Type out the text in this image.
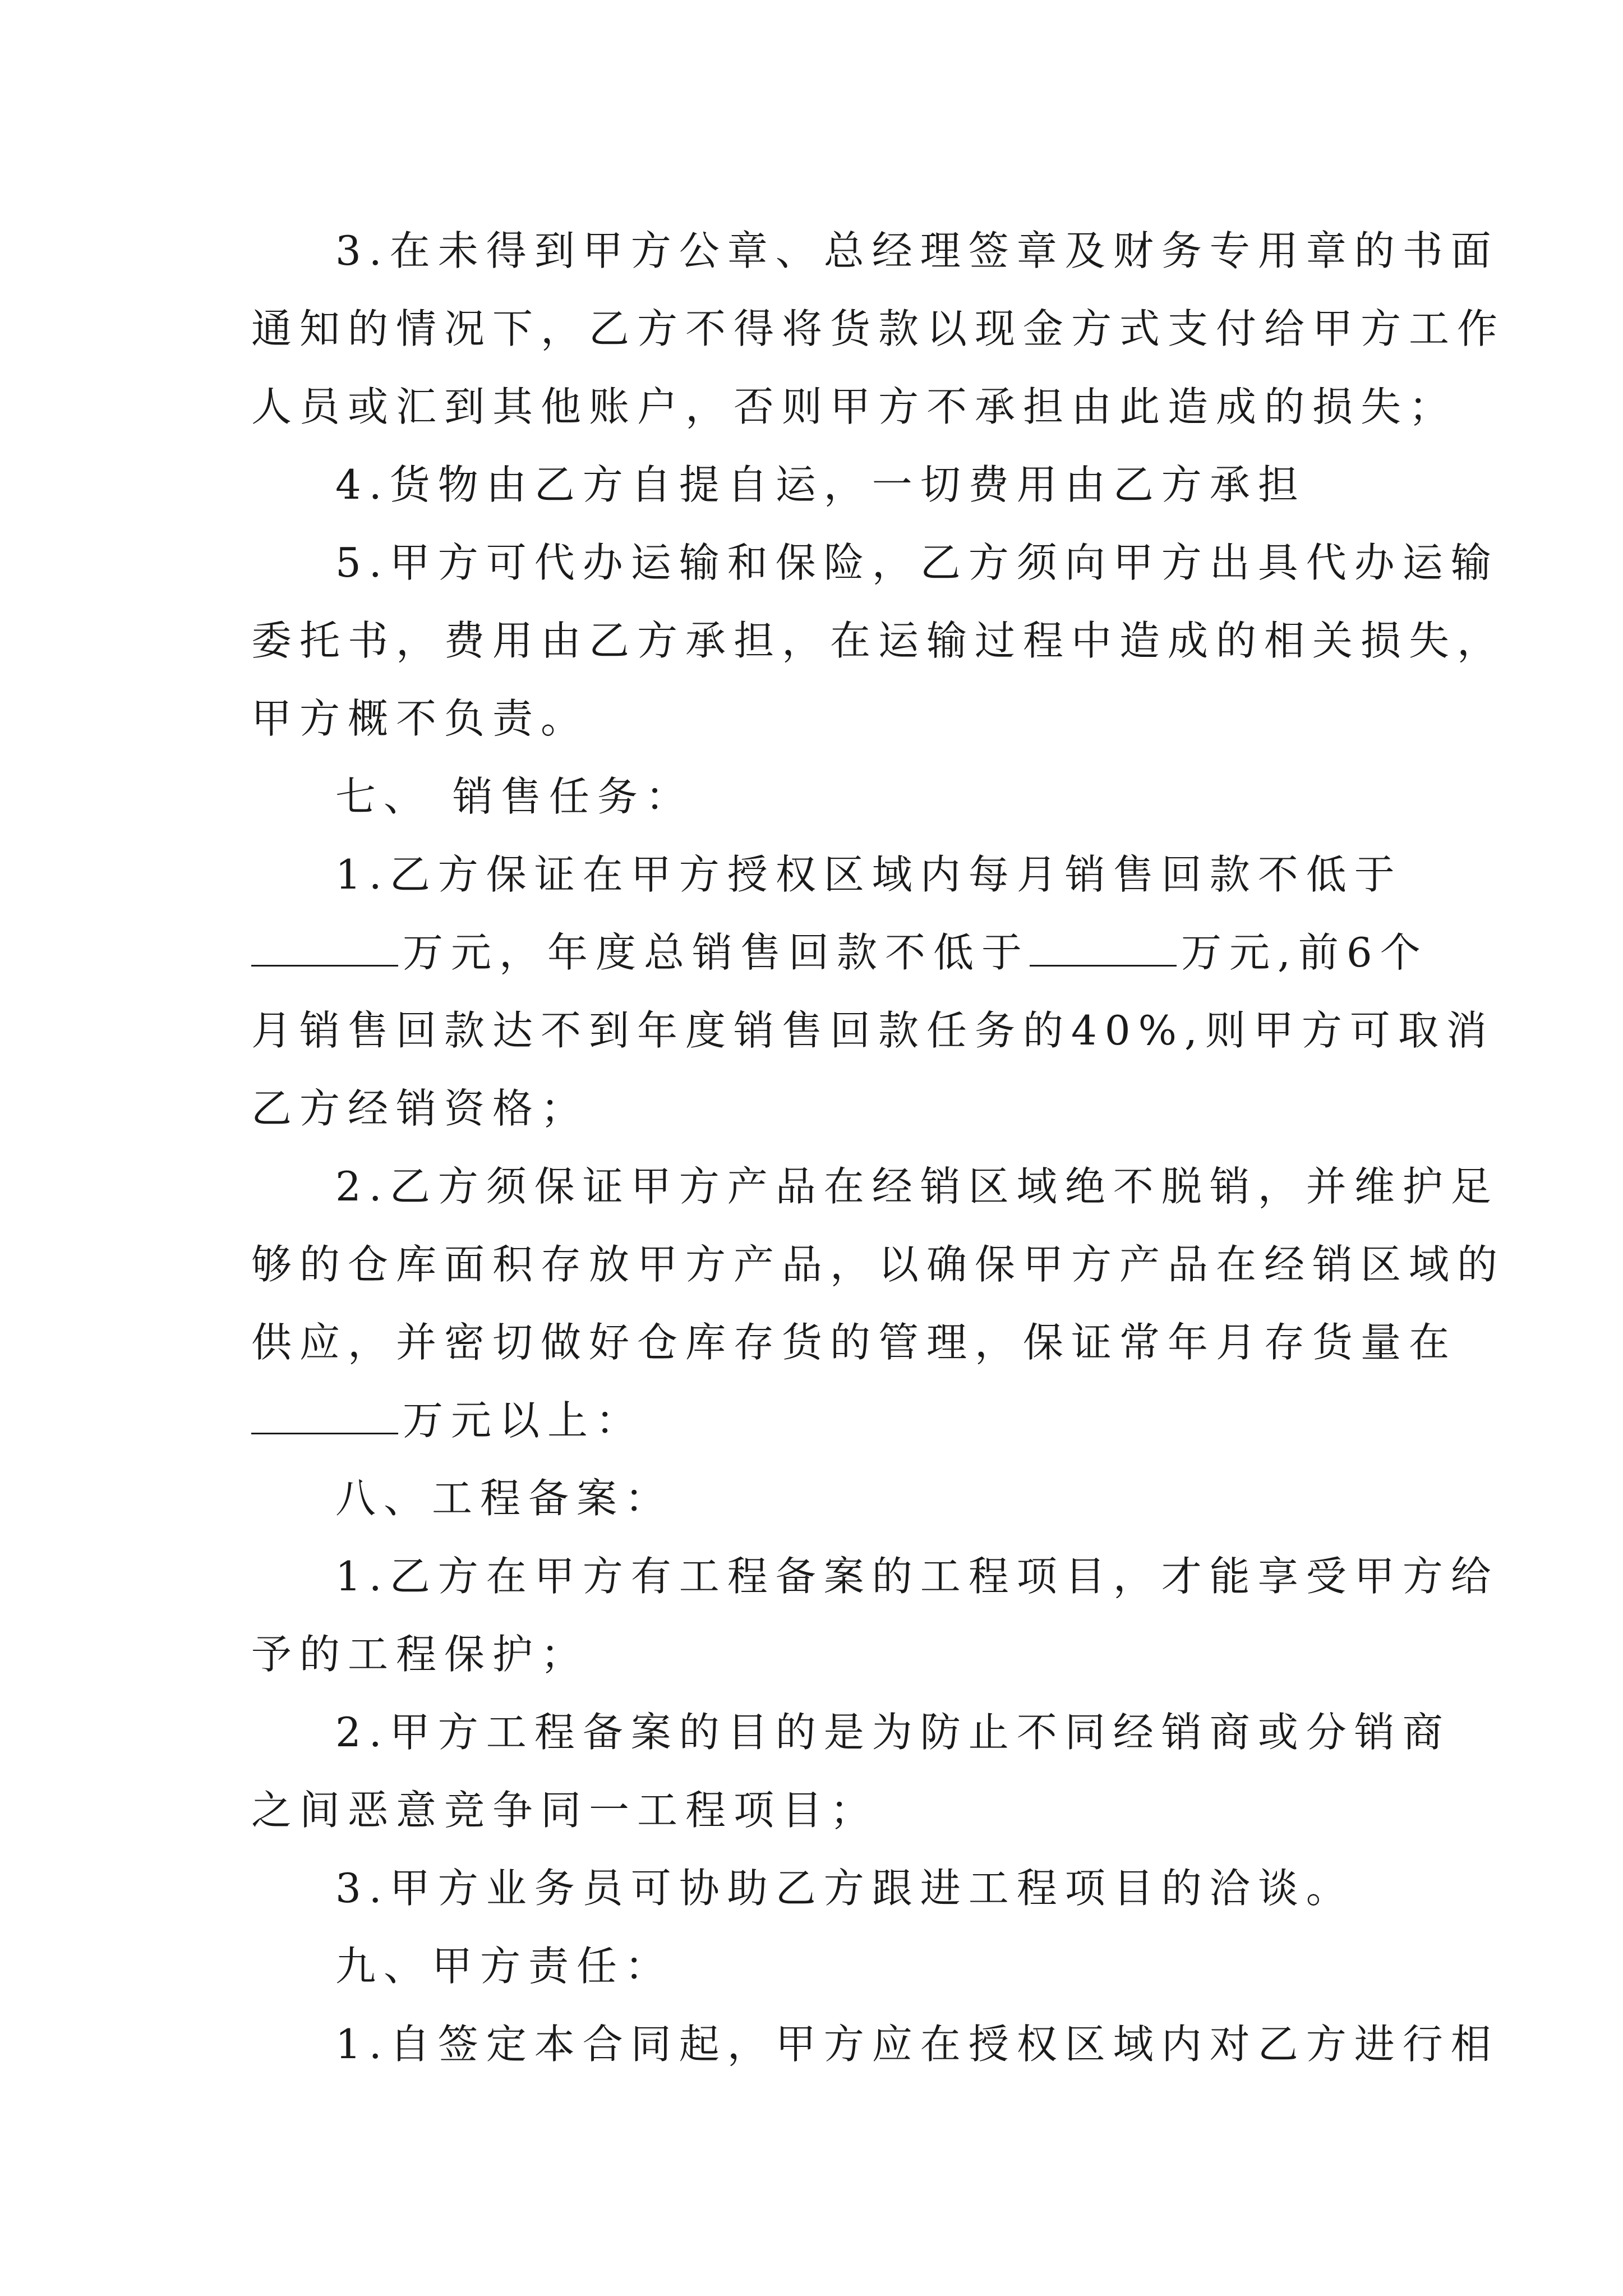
3.在未得到甲方公章、总经理签章及财务专用章的书面
通知的情况下，乙方不得将货款以现金方式支付给甲方工作
人员或汇到其他账户，否则甲方不承担由此造成的损失；
4.货物由乙方自提自运，一切费用由乙方承担
5.甲方可代办运输和保险，乙方须向甲方出具代办运输
委托书，费用由乙方承担，在运输过程中造成的相关损失，
甲方概不负责。
七、 销售任务：
1.乙方保证在甲方授权区域内每月销售回款不低于
万元，年度总销售回款不低于	万元,前6个
月销售回款达不到年度销售回款任务的40%,则甲方可取消
乙方经销资格；
2.乙方须保证甲方产品在经销区域绝不脱销，并维护足
够的仓库面积存放甲方产品，以确保甲方产品在经销区域的
供应，并密切做好仓库存货的管理，保证常年月存货量在
万元以上：
八、工程备案：
1.乙方在甲方有工程备案的工程项目，才能享受甲方给
予的工程保护；
2.甲方工程备案的目的是为防止不同经销商或分销商
之间恶意竞争同一工程项目；
3.甲方业务员可协助乙方跟进工程项目的洽谈。
九、甲方责任：
1.自签定本合同起，甲方应在授权区域内对乙方进行相
